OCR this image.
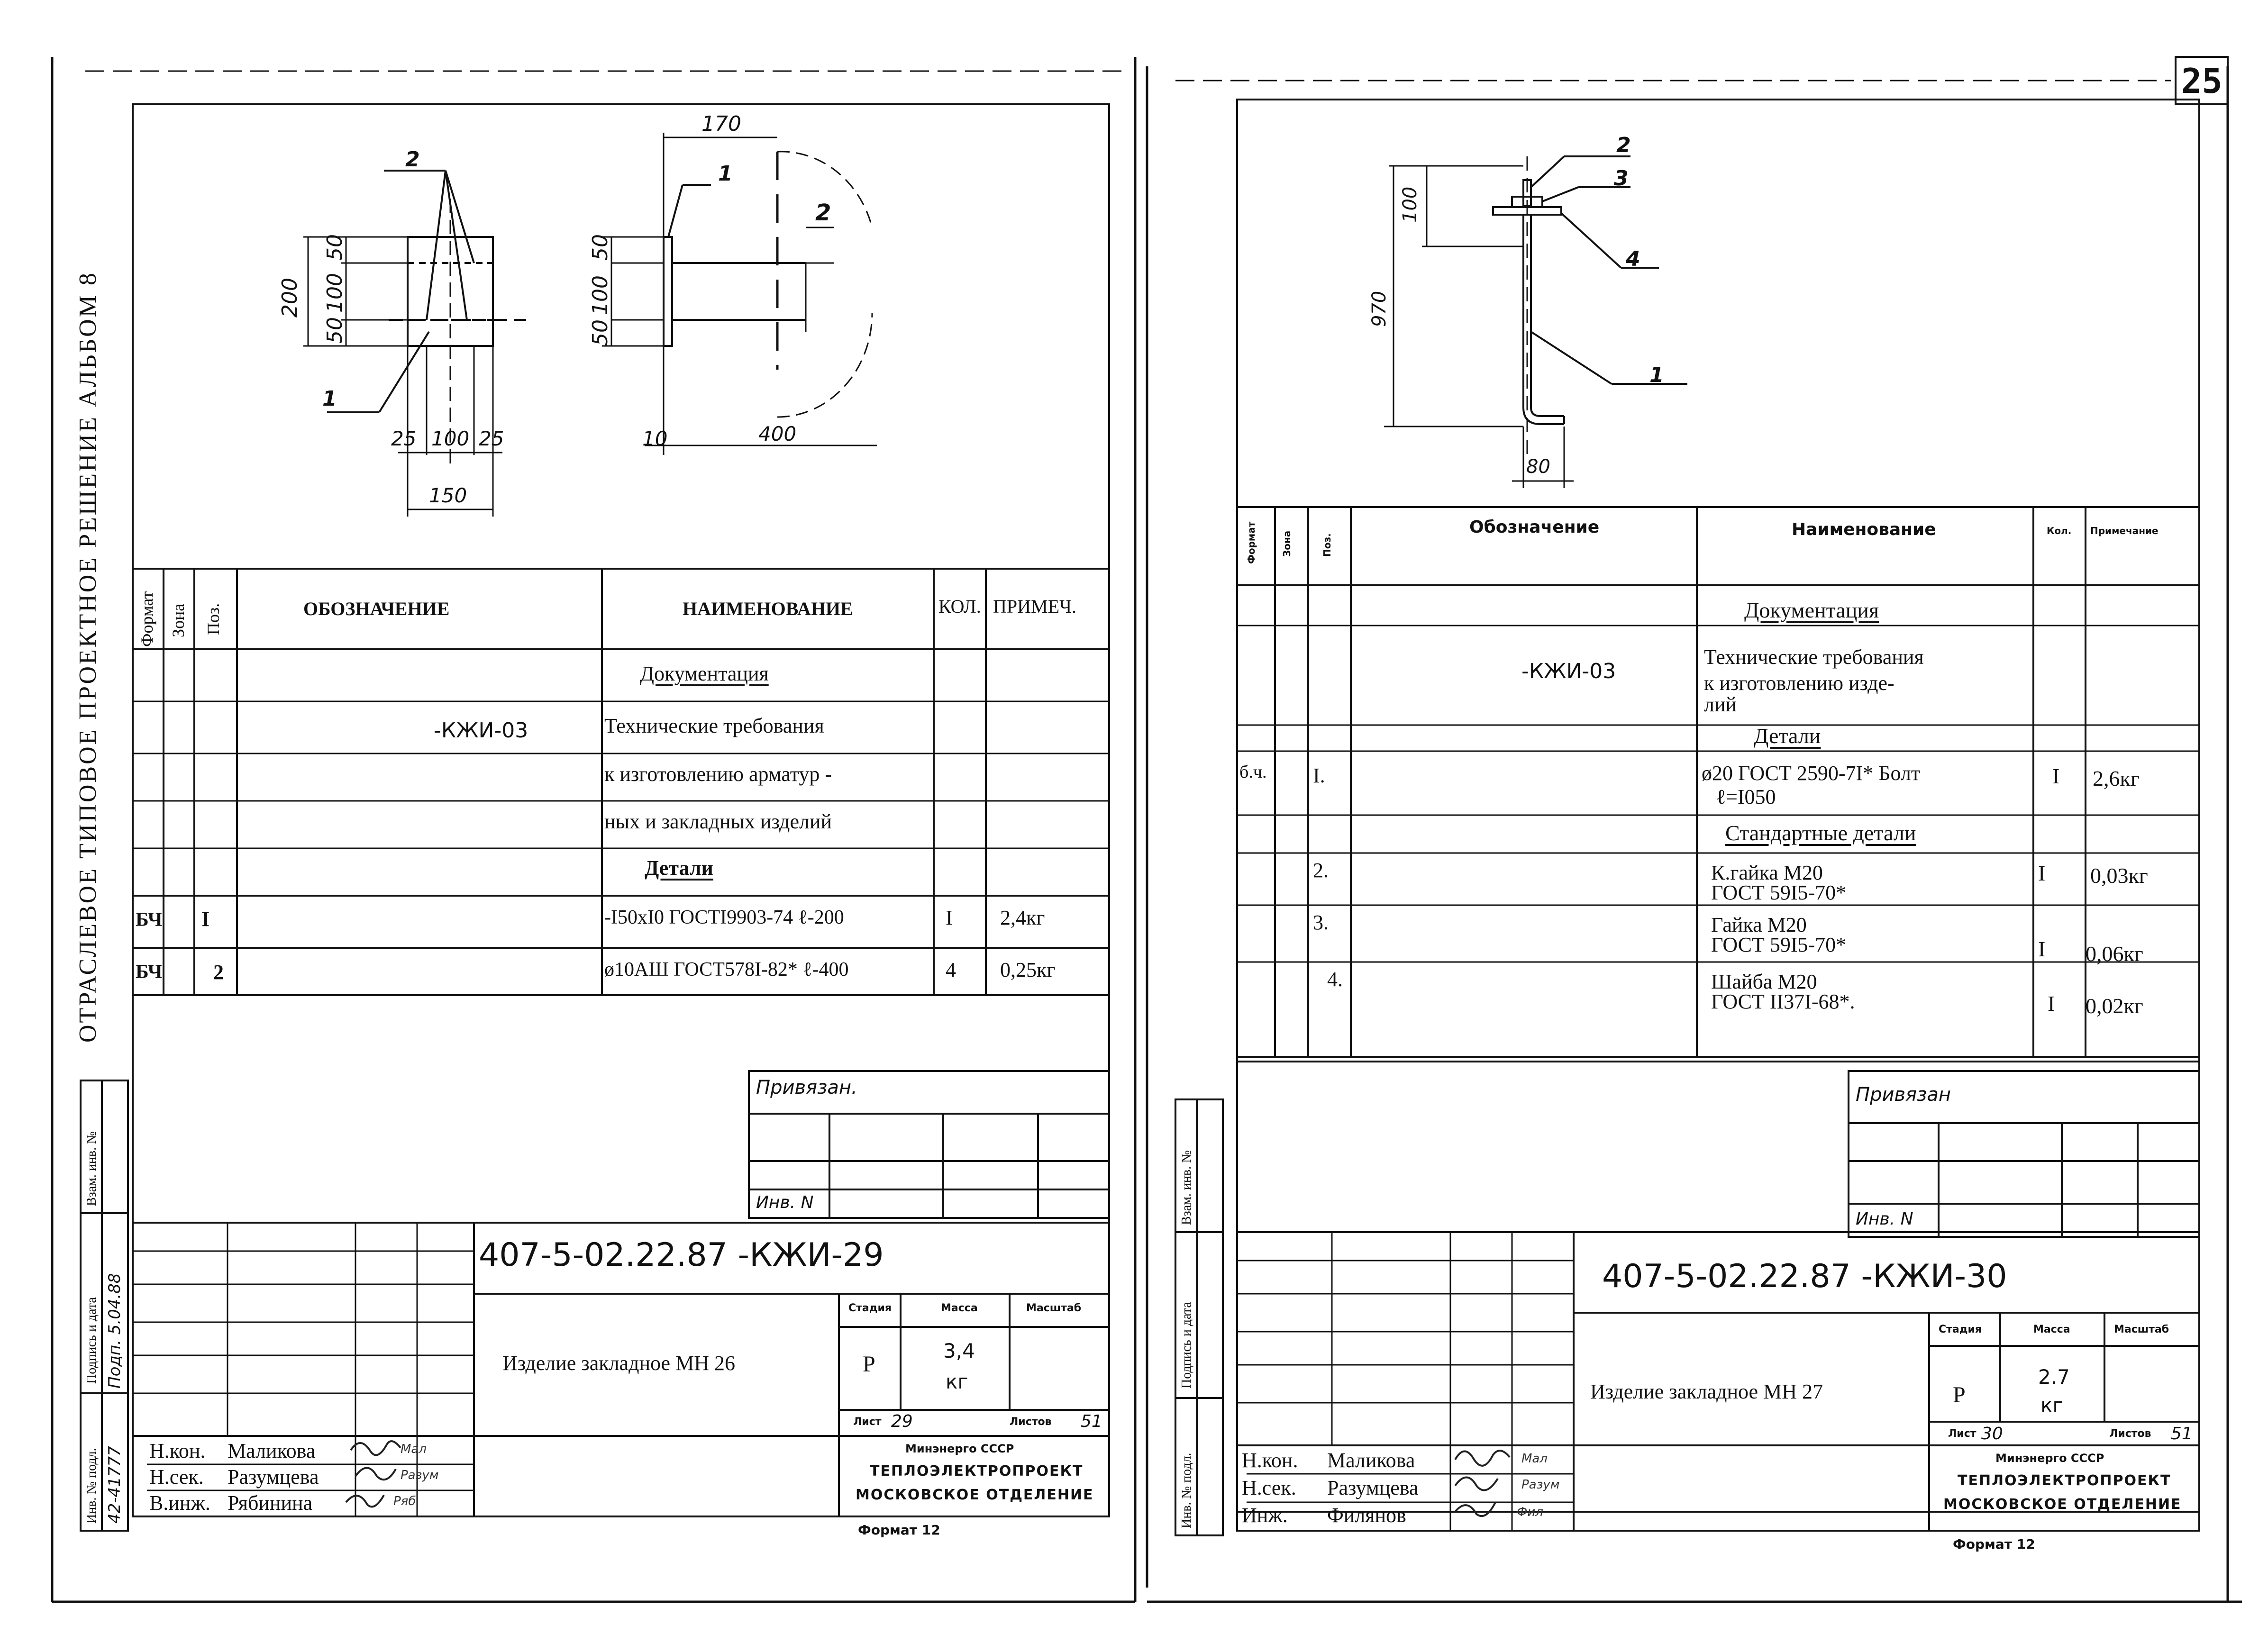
25
ОТРАСЛЕВОЕ ТИПОВОЕ ПРОЕКТНОЕ РЕШЕНИЕ АЛЬБОМ 8
170
200
50
100
50
50
100
50
25 100 25
150
10	400
2
1
1
2
Формат Зона Поз.	ОБОЗНАЧЕНИЕ	НАИМЕНОВАНИЕ	КОЛ. ПРИМЕЧ.
Документация
-КЖИ-03	Технические требования
к изготовлению арматур -
ных и закладных изделий
Детали
БЧ I	-I50xI0 ГОСТI9903-74 ℓ-200	I 2,4кг
БЧ 2	ø10АШ ГОСТ578I-82* ℓ-400	4 0,25кг
Привязан.
Инв. N
Взам. инв. №
Подпись и дата
Инв. № подл.
Подп. 5.04.88
42-41777
407-5-02.22.87 -КЖИ-29
Изделие закладное МН 26
Стадия	Масса	Масштаб
Р
3,4
кг
Лист 29	Листов 51
Минэнерго СССР
ТЕПЛОЭЛЕКТРОПРОЕКТ
МОСКОВСКОЕ ОТДЕЛЕНИЕ
Формат 12
Н.кон. Маликова
Н.сек. Разумцева
В.инж. Рябинина
2
3
4
1
100
970
80
Формат	Зона	Поз.
Обозначение	Наименование	Кол. Примечание
Документация
-КЖИ-03
Технические требования
к изготовлению изде-
лий
Детали
б.ч. I.	ø20 ГОСТ 2590-7I* Болт
ℓ=I050
I 2,6кг
Стандартные детали
2.	К.гайка М20
ГОСТ 59I5-70*
I 0,03кг
3.	Гайка М20
ГОСТ 59I5-70*	I 0,06кг
4.	Шайба М20
ГОСТ II37I-68*.	I 0,02кг
Привязан
Инв. N
Взам. инв. №
Подпись и дата
Инв. № подл.
407-5-02.22.87 -КЖИ-30
Изделие закладное МН 27
Стадия	Масса	Масштаб
Р
2.7
кг
Лист 30	Листов 51
Минэнерго СССР
ТЕПЛОЭЛЕКТРОПРОЕКТ
МОСКОВСКОЕ ОТДЕЛЕНИЕ
Формат 12
Н.кон. Маликова
Н.сек. Разумцева
Инж. Филянов
Мал
Разум
Ряб
Мал
Разум
Фил
